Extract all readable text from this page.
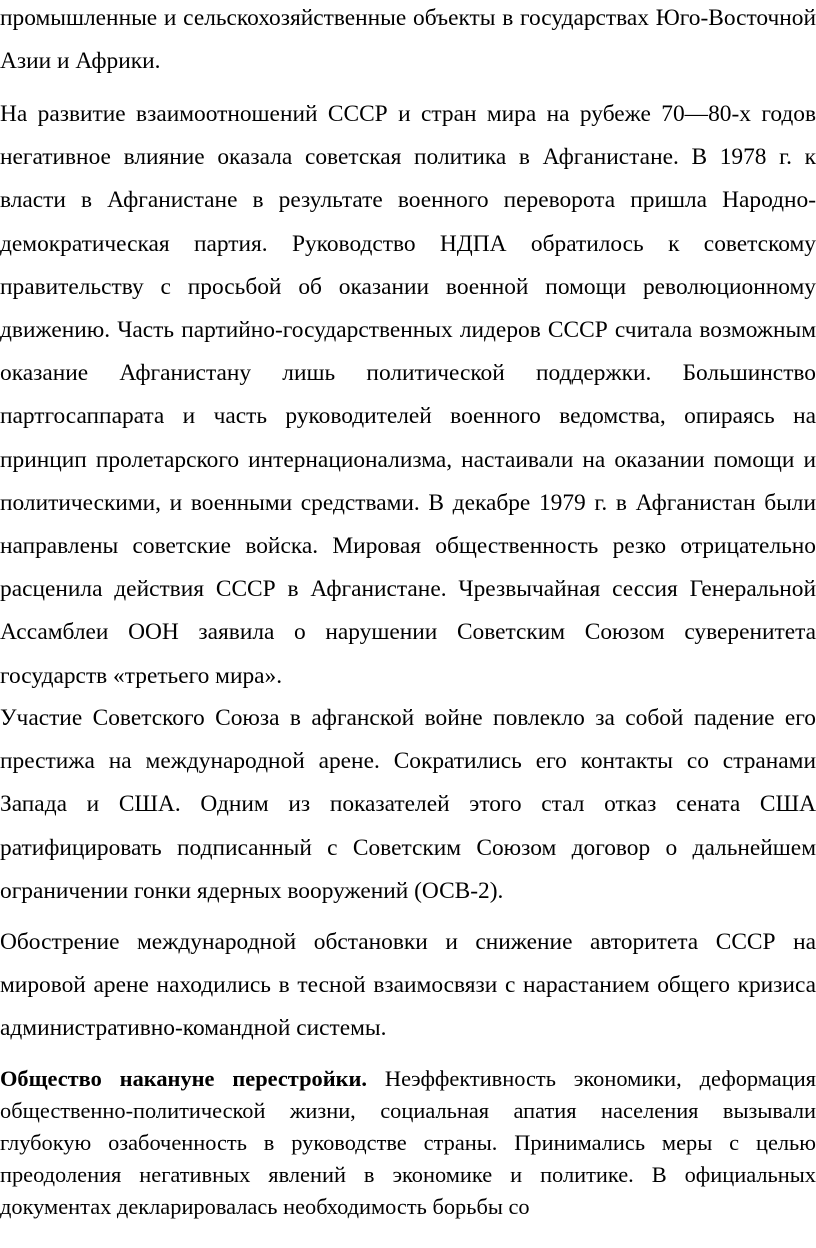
промышленные и сельскохозяйственные объекты в государствах Юго-Восточной Азии и Африки.

На развитие взаимоотношений СССР и стран мира на рубеже 70—80-х годов негативное влияние оказала советская политика в Афганистане. В 1978 г. к власти в Афганистане в результате военного переворота пришла Народно-демократическая партия. Руководство НДПА обратилось к советскому правительству с просьбой об оказании военной помощи революционному движению. Часть партийно-государственных лидеров СССР считала возможным оказание Афганистану лишь политической поддержки. Большинство партгосаппарата и часть руководителей военного ведомства, опираясь на принцип пролетарского интернационализма, настаивали на оказании помощи и политическими, и военными средствами. В декабре 1979 г. в Афганистан были направлены советские войска. Мировая общественность резко отрицательно расценила действия СССР в Афганистане. Чрезвычайная сессия Генеральной Ассамблеи ООН заявила о нарушении Советским Союзом суверенитета государств «третьего мира».

Участие Советского Союза в афганской войне повлекло за собой падение его престижа на международной арене. Сократились его контакты со странами Запада и США. Одним из показателей этого стал отказ сената США ратифицировать подписанный с Советским Союзом договор о дальнейшем ограничении гонки ядерных вооружений (ОСВ-2).

Обострение международной обстановки и снижение авторитета СССР на мировой арене находились в тесной взаимосвязи с нарастанием общего кризиса административно-командной системы.

Общество накануне перестройки. Неэффективность экономики, деформация общественно-политической жизни, социальная апатия населения вызывали глубокую озабоченность в руководстве страны. Принимались меры с целью преодоления негативных явлений в экономике и политике. В официальных документах декларировалась необходимость борьбы со
